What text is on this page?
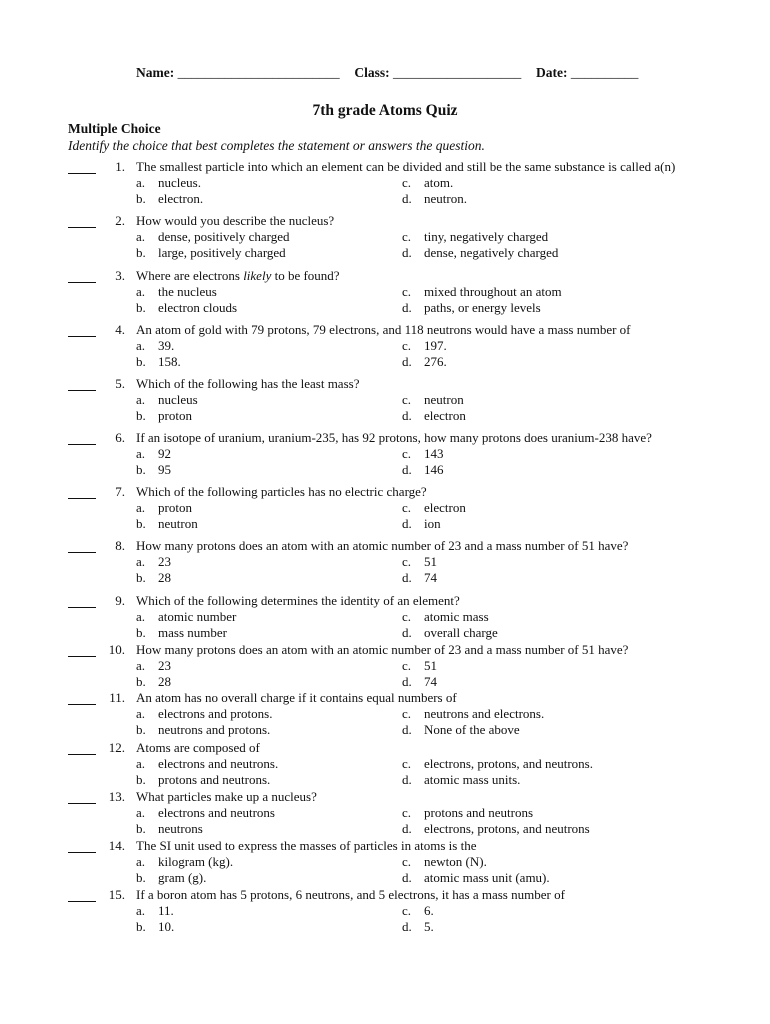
Name: ________________________ Class: ___________________ Date: __________
7th grade Atoms Quiz
Multiple Choice
Identify the choice that best completes the statement or answers the question.
1. The smallest particle into which an element can be divided and still be the same substance is called a(n)
a. nucleus.
b. electron.
c. atom.
d. neutron.
2. How would you describe the nucleus?
a. dense, positively charged
b. large, positively charged
c. tiny, negatively charged
d. dense, negatively charged
3. Where are electrons likely to be found?
a. the nucleus
b. electron clouds
c. mixed throughout an atom
d. paths, or energy levels
4. An atom of gold with 79 protons, 79 electrons, and 118 neutrons would have a mass number of
a. 39.
b. 158.
c. 197.
d. 276.
5. Which of the following has the least mass?
a. nucleus
b. proton
c. neutron
d. electron
6. If an isotope of uranium, uranium-235, has 92 protons, how many protons does uranium-238 have?
a. 92
b. 95
c. 143
d. 146
7. Which of the following particles has no electric charge?
a. proton
b. neutron
c. electron
d. ion
8. How many protons does an atom with an atomic number of 23 and a mass number of 51 have?
a. 23
b. 28
c. 51
d. 74
9. Which of the following determines the identity of an element?
a. atomic number
b. mass number
c. atomic mass
d. overall charge
10. How many protons does an atom with an atomic number of 23 and a mass number of 51 have?
a. 23
b. 28
c. 51
d. 74
11. An atom has no overall charge if it contains equal numbers of
a. electrons and protons.
b. neutrons and protons.
c. neutrons and electrons.
d. None of the above
12. Atoms are composed of
a. electrons and neutrons.
b. protons and neutrons.
c. electrons, protons, and neutrons.
d. atomic mass units.
13. What particles make up a nucleus?
a. electrons and neutrons
b. neutrons
c. protons and neutrons
d. electrons, protons, and neutrons
14. The SI unit used to express the masses of particles in atoms is the
a. kilogram (kg).
b. gram (g).
c. newton (N).
d. atomic mass unit (amu).
15. If a boron atom has 5 protons, 6 neutrons, and 5 electrons, it has a mass number of
a. 11.
b. 10.
c. 6.
d. 5.
